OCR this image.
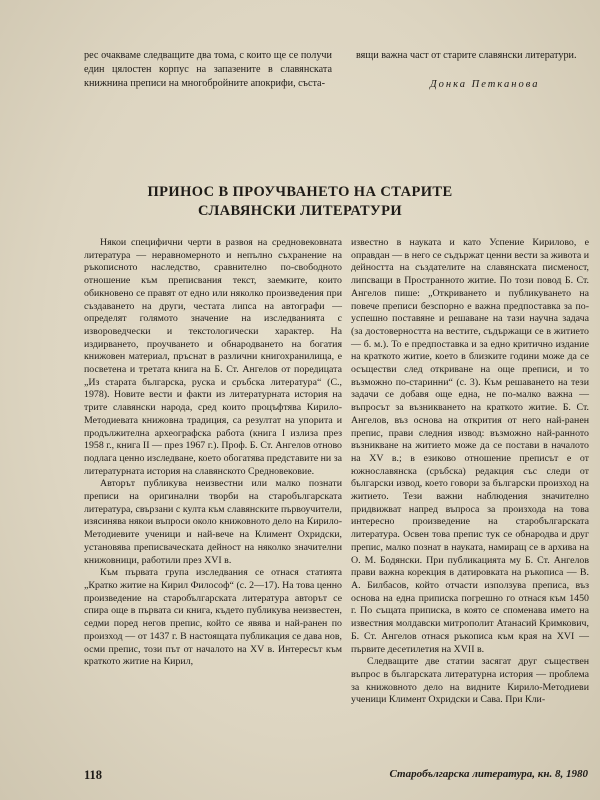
рес очакваме следващите два тома, с които ще се получи един цялостен корпус на запазените в славянската книжнина преписи на многобройните апокрифи, съста-

вящи важна част от старите славянски литератури.

Донка Петканова
ПРИНОС В ПРОУЧВАНЕТО НА СТАРИТЕ СЛАВЯНСКИ ЛИТЕРАТУРИ

Някои специфични черти в развоя на средновековната литература — неравномерното и непълно съхранение на ръкописното наследство, сравнително по-свободното отношение към преписвания текст, заемките, които обикновено се правят от едно или няколко произведения при създаването на други, честата липса на автографи — определят голямото значение на изследванията с извороведчески и текстологически характер. На издирването, проучването и обнародването на богатия книжовен материал, пръснат в различни книгохранилища, е посветена и третата книга на Б. Ст. Ангелов от поредицата „Из старата българска, руска и сръбска литература“ (С., 1978). Новите вести и факти из литературната история на трите славянски народа, сред които процъфтява Кирило-Методиевата книжовна традиция, са резултат на упорита и продължителна археографска работа (книга I излиза през 1958 г., книга II — през 1967 г.). Проф. Б. Ст. Ангелов отново подлага ценно изследване, което обогатява представите ни за литературната история на славянското Средновековие.

Авторът публикува неизвестни или малко познати преписи на оригинални творби на старобългарската литература, свързани с култа към славянските първоучители, изясинява някои въпроси около книжовното дело на Кирило-Методиевите ученици и най-вече на Климент Охридски, установява преписваческата дейност на няколко значителни книжовници, работили през XVI в.

Към първата група изследвания се отнася статията „Кратко житие на Кирил Философ“ (с. 2—17). На това ценно произведение на старобългарската литература авторът се спира още в първата си книга, където публикува неизвестен, седми поред негов препис, който се явява и най-ранен по произход — от 1437 г. В настоящата публикация се дава нов, осми препис, този път от началото на XV в. Интересът към краткото житие на Кирил,

известно в науката и като Успение Кирилово, е оправдан — в него се съдържат ценни вести за живота и дейността на създателите на славянската писменост, липсващи в Пространното житие. По този повод Б. Ст. Ангелов пише: „Откриването и публикуването на повече преписи безспорно е важна предпоставка за по-успешно поставяне и решаване на тази научна задача (за достоверността на вестите, съдържащи се в житието — б. м.). То е предпоставка и за едно критично издание на краткото житие, което в близките години може да се осъществи след откриване на още преписи, и то възможно по-старинни“ (с. 3). Към решаването на тези задачи се добавя още една, не по-малко важна — въпросът за възникването на краткото житие. Б. Ст. Ангелов, въз основа на открития от него най-ранен препис, прави следния извод: възможно най-ранното възникване на житието може да се постави в началото на XV в.; в езиково отношение преписът е от южнославянска (сръбска) редакция със следи от български извод, което говори за български произход на житието. Тези важни наблюдения значително придвижват напред въпроса за произхода на това интересно произведение на старобългарската литература. Освен това препис тук се обнародва и друг препис, малко познат в науката, намиращ се в архива на О. М. Бодянски. При публикацията му Б. Ст. Ангелов прави важна корекция в датировката на ръкописа — В. А. Билбасов, който отчасти използува преписа, въз основа на една приписка погрешно го отнася към 1450 г. По същата приписка, в която се споменава името на известния молдавски митрополит Атанасий Кримкович, Б. Ст. Ангелов отнася ръкописа към края на XVI — първите десетилетия на XVII в.

Следващите две статии засягат друг съществен въпрос в българската литературна история — проблема за книжовното дело на видните Кирило-Методиеви ученици Климент Охридски и Сава. При Кли-

118	Старобългарска литература, кн. 8, 1980
